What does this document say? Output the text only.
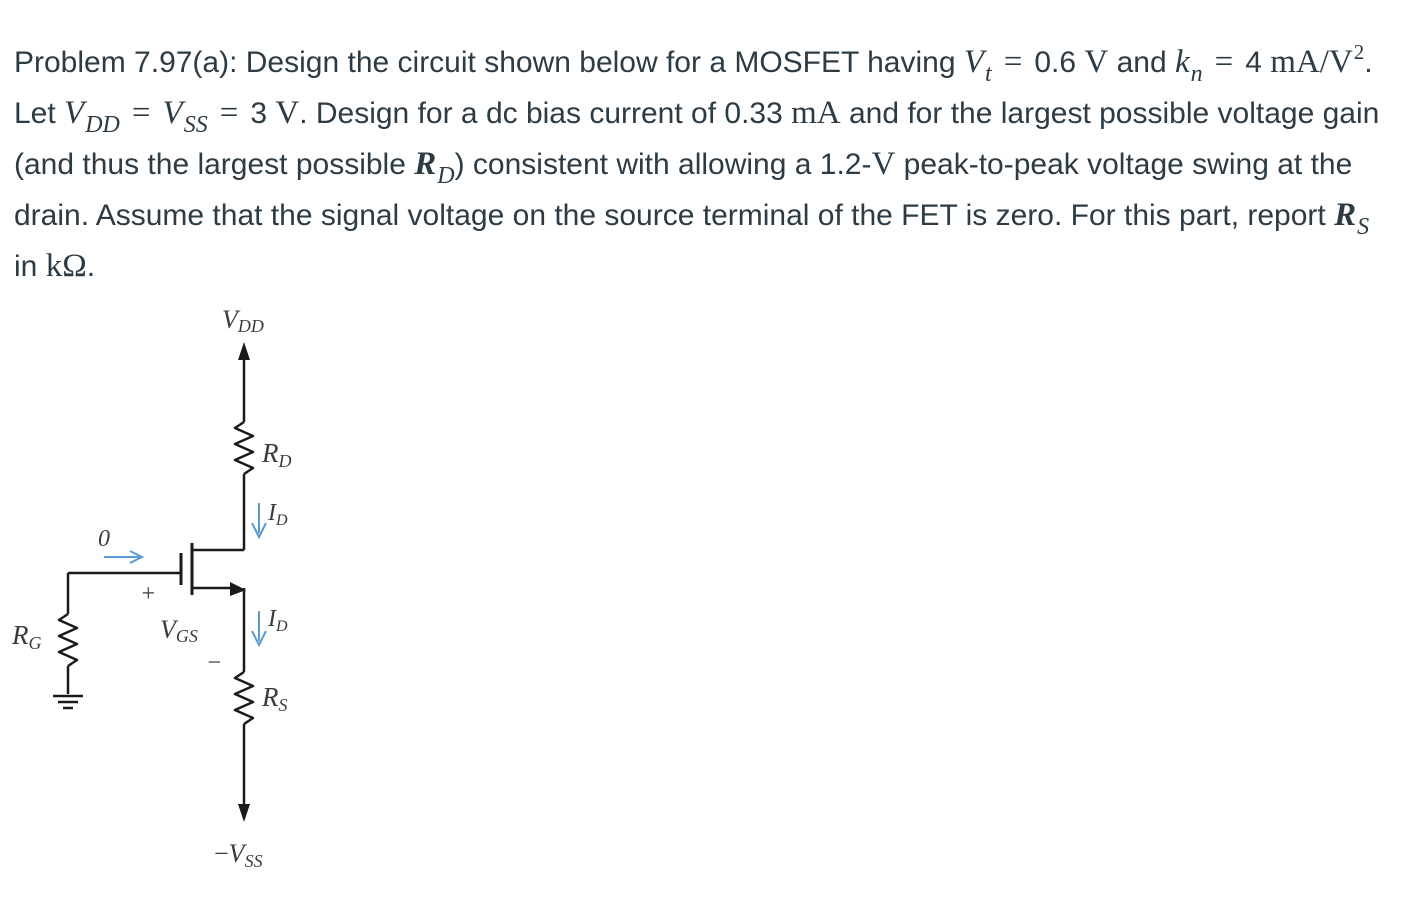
Problem 7.97(a): Design the circuit shown below for a MOSFET having $V_t = 0.6$ V and $k_n = 4$ $mA/V^2$. Let $V_{DD} = V_{SS} = 3$ V. Design for a dc bias current of 0.33 mA and for the largest possible voltage gain (and thus the largest possible $R_D$) consistent with allowing a 1.2-V peak-to-peak voltage swing at the drain. Assume that the signal voltage on the source terminal of the FET is zero. For this part, report $R_S$ in kΩ.

VDD
RD
$I_D$
0
+
VGS
−
$I_D$
RS
−VSS
RG
